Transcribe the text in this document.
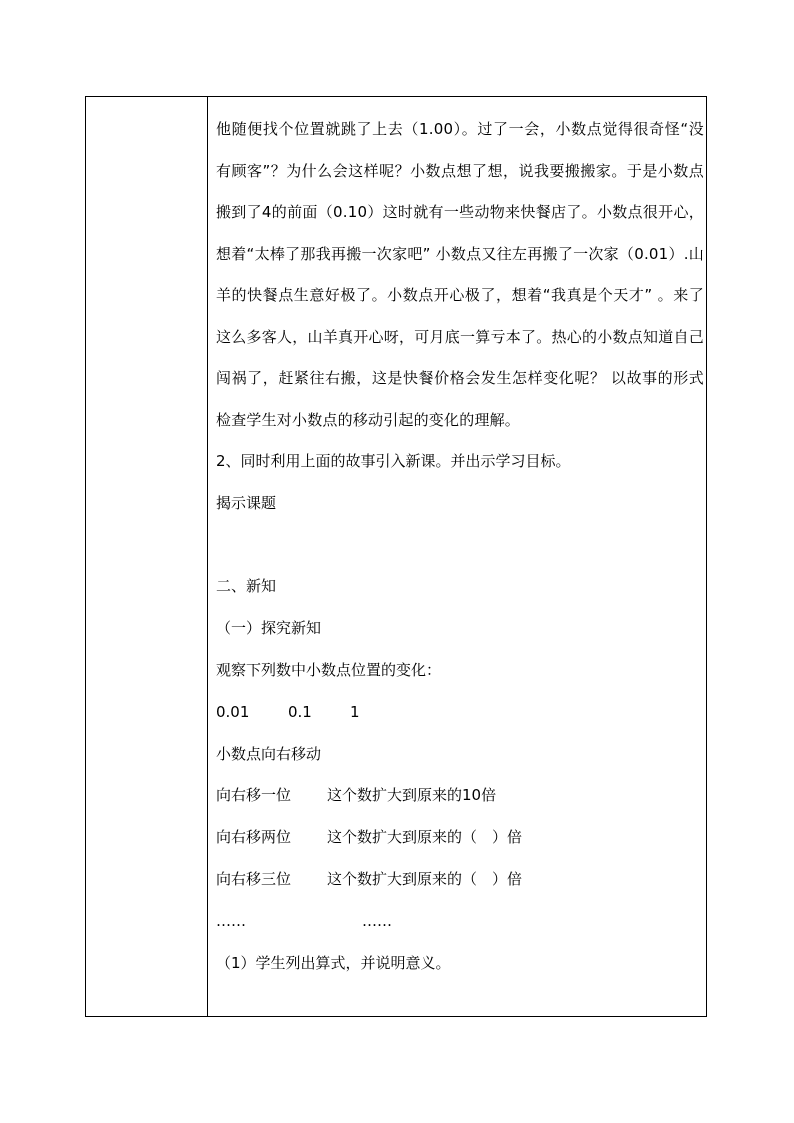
他随便找个位置就跳了上去（1.00）。过了一会，小数点觉得很奇怪“没有顾客”？为什么会这样呢？小数点想了想，说我要搬搬家。于是小数点搬到了4的前面（0.10）这时就有一些动物来快餐店了。小数点很开心，想着“太棒了那我再搬一次家吧” 小数点又往左再搬了一次家（0.01）.山羊的快餐点生意好极了。小数点开心极了，想着“我真是个天才” 。来了这么多客人，山羊真开心呀，可月底一算亏本了。热心的小数点知道自己闯祸了，赶紧往右搬，这是快餐价格会发生怎样变化呢？ 以故事的形式检查学生对小数点的移动引起的变化的理解。

2、同时利用上面的故事引入新课。并出示学习目标。

揭示课题

二、新知

（一）探究新知

观察下列数中小数点位置的变化：

0.01	0.1	1

小数点向右移动

向右移一位 这个数扩大到原来的10倍

向右移两位 这个数扩大到原来的（　）倍

向右移三位 这个数扩大到原来的（　）倍

……	……

（1）学生列出算式，并说明意义。
